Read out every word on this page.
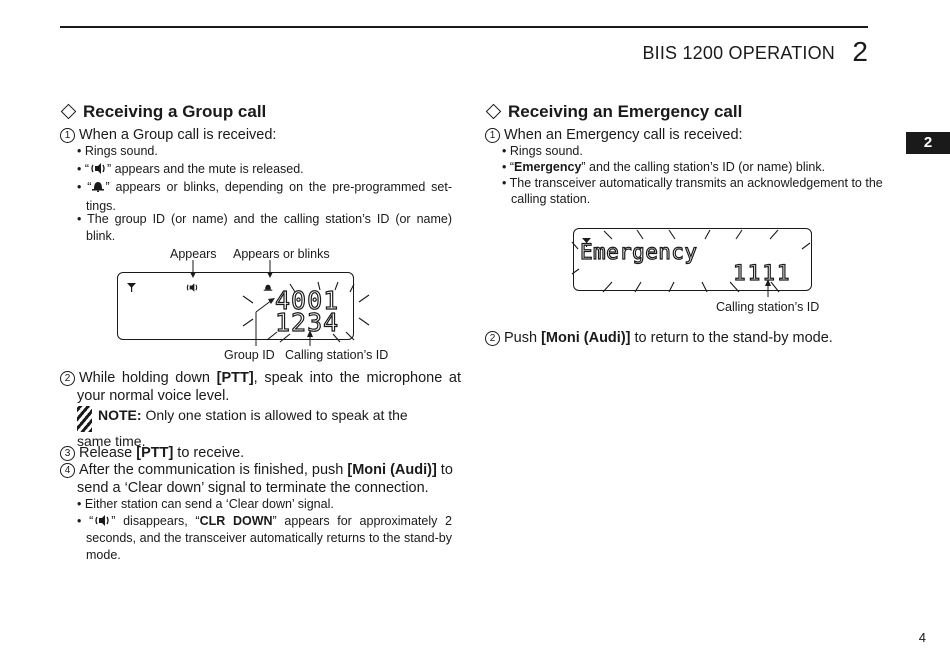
BIIS 1200 OPERATION 2
2
Receiving a Group call
1 When a Group call is received:
• Rings sound.
• “ ” appears and the mute is released.
• “ ” appears or blinks, depending on the pre-programmed set-tings.
• The group ID (or name) and the calling station’s ID (or name) blink.
Appears Appears or blinks
4001
1234
Group ID Calling station’s ID
2 While holding down [PTT], speak into the microphone at your normal voice level.
NOTE: Only one station is allowed to speak at the same time.
3 Release [PTT] to receive.
4 After the communication is finished, push [Moni (Audi)] to send a ‘Clear down’ signal to terminate the connection.
• Either station can send a ‘Clear down’ signal.
• “ ” disappears, “CLR DOWN” appears for approximately 2 seconds, and the transceiver automatically returns to the stand-by mode.
Receiving an Emergency call
1 When an Emergency call is received:
• Rings sound.
• “Emergency” and the calling station’s ID (or name) blink.
• The transceiver automatically transmits an acknowledgement to the calling station.
Emergency
1111
Calling station’s ID
2 Push [Moni (Audi)] to return to the stand-by mode.
4
